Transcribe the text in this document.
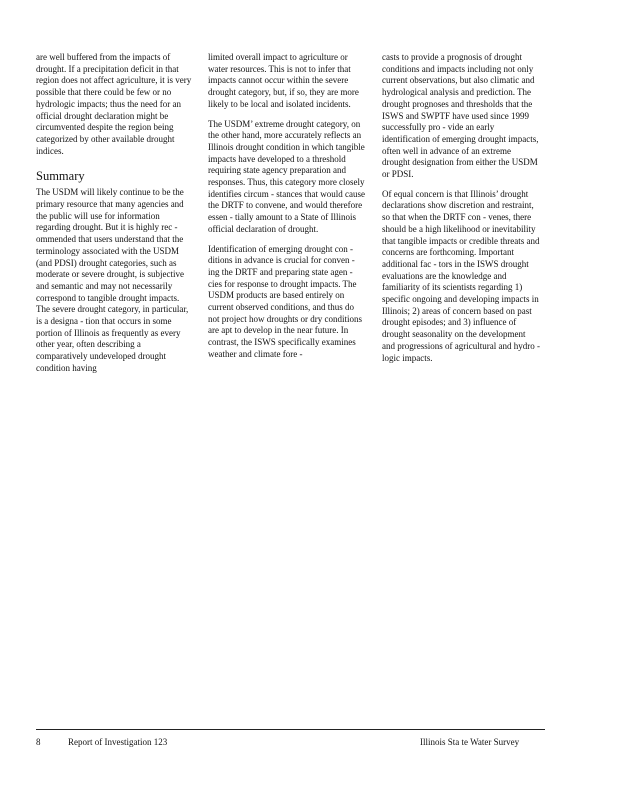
are well buffered from the impacts of drought. If a precipitation deficit in that region does not affect agriculture, it is very possible that there could be few or no hydrologic impacts; thus the need for an official drought declaration might be circumvented despite the region being categorized by other available drought indices.

Summary

The USDM will likely continue to be the primary resource that many agencies and the public will use for information regarding drought. But it is highly rec - ommended that users understand that the terminology associated with the USDM (and PDSI) drought categories, such as moderate or severe drought, is subjective and semantic and may not necessarily correspond to tangible drought impacts. The severe drought category, in particular, is a designa - tion that occurs in some portion of Illinois as frequently as every other year, often describing a comparatively undeveloped drought condition having

limited overall impact to agriculture or water resources. This is not to infer that impacts cannot occur within the severe drought category, but, if so, they are more likely to be local and isolated incidents.

The USDM’ extreme drought category, on the other hand, more accurately reflects an Illinois drought condition in which tangible impacts have developed to a threshold requiring state agency preparation and responses. Thus, this category more closely identifies circum - stances that would cause the DRTF to convene, and would therefore essen - tially amount to a State of Illinois official declaration of drought.

Identification of emerging drought con - ditions in advance is crucial for conven - ing the DRTF and preparing state agen - cies for response to drought impacts. The USDM products are based entirely on current observed conditions, and thus do not project how droughts or dry conditions are apt to develop in the near future. In contrast, the ISWS specifically examines weather and climate fore -

casts to provide a prognosis of drought conditions and impacts including not only current observations, but also climatic and hydrological analysis and prediction. The drought prognoses and thresholds that the ISWS and SWPTF have used since 1999 successfully pro - vide an early identification of emerging drought impacts, often well in advance of an extreme drought designation from either the USDM or PDSI.

Of equal concern is that Illinois’ drought declarations show discretion and restraint, so that when the DRTF con - venes, there should be a high likelihood or inevitability that tangible impacts or credible threats and concerns are forthcoming. Important additional fac - tors in the ISWS drought evaluations are the knowledge and familiarity of its scientists regarding 1) specific ongoing and developing impacts in Illinois; 2) areas of concern based on past drought episodes; and 3) influence of drought seasonality on the development and progressions of agricultural and hydro - logic impacts.

8	Report of Investigation 123	Illinois Sta te Water Survey
